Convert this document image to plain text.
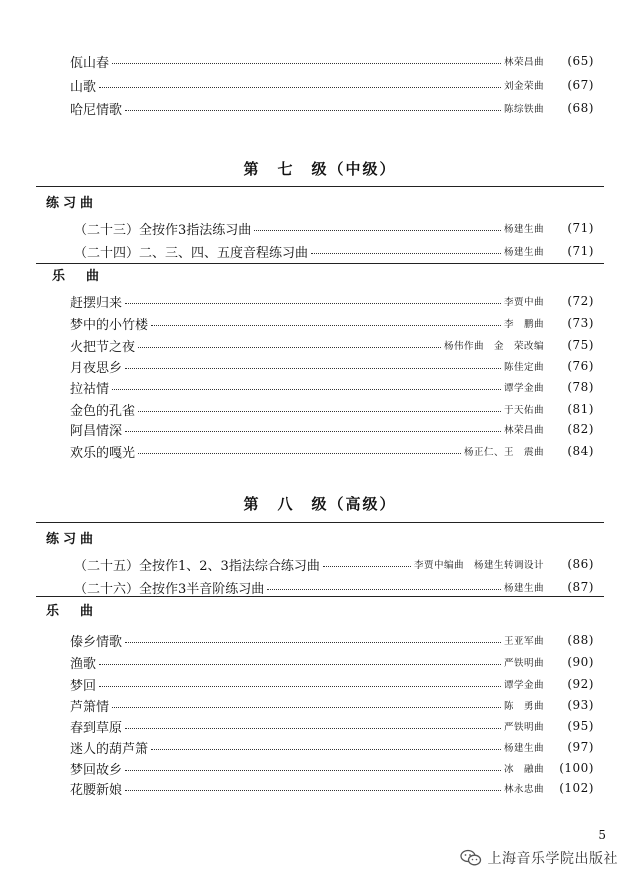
佤山春	林荣昌曲	(65)
山歌	刘金荣曲	(67)
哈尼情歌	陈综铁曲	(68)
（二十三）全按作3指法练习曲	杨建生曲	(71)
（二十四）二、三、四、五度音程练习曲	杨建生曲	(71)
赶摆归来	李贾中曲	(72)
梦中的小竹楼	李　鹏曲	(73)
火把节之夜	杨伟作曲　金　荣改编	(75)
月夜思乡	陈佳定曲	(76)
拉祜情	谭学金曲	(78)
金色的孔雀	于天佑曲	(81)
阿昌情深	林荣昌曲	(82)
欢乐的嘎光	杨正仁、王　震曲	(84)
（二十五）全按作1、2、3指法综合练习曲	李贾中编曲　杨建生转调设计	(86)
（二十六）全按作3半音阶练习曲	杨建生曲	(87)
傣乡情歌	王亚军曲	(88)
渔歌	严铁明曲	(90)
梦回	谭学金曲	(92)
芦箫情	陈　勇曲	(93)
春到草原	严铁明曲	(95)
迷人的葫芦箫	杨建生曲	(97)
梦回故乡	冰　融曲	(100)
花腰新娘	林永忠曲	(102)
第　七　级（中级）
练习曲
乐　曲
第　八　级（高级）
练习曲
乐　曲
5
上海音乐学院出版社
